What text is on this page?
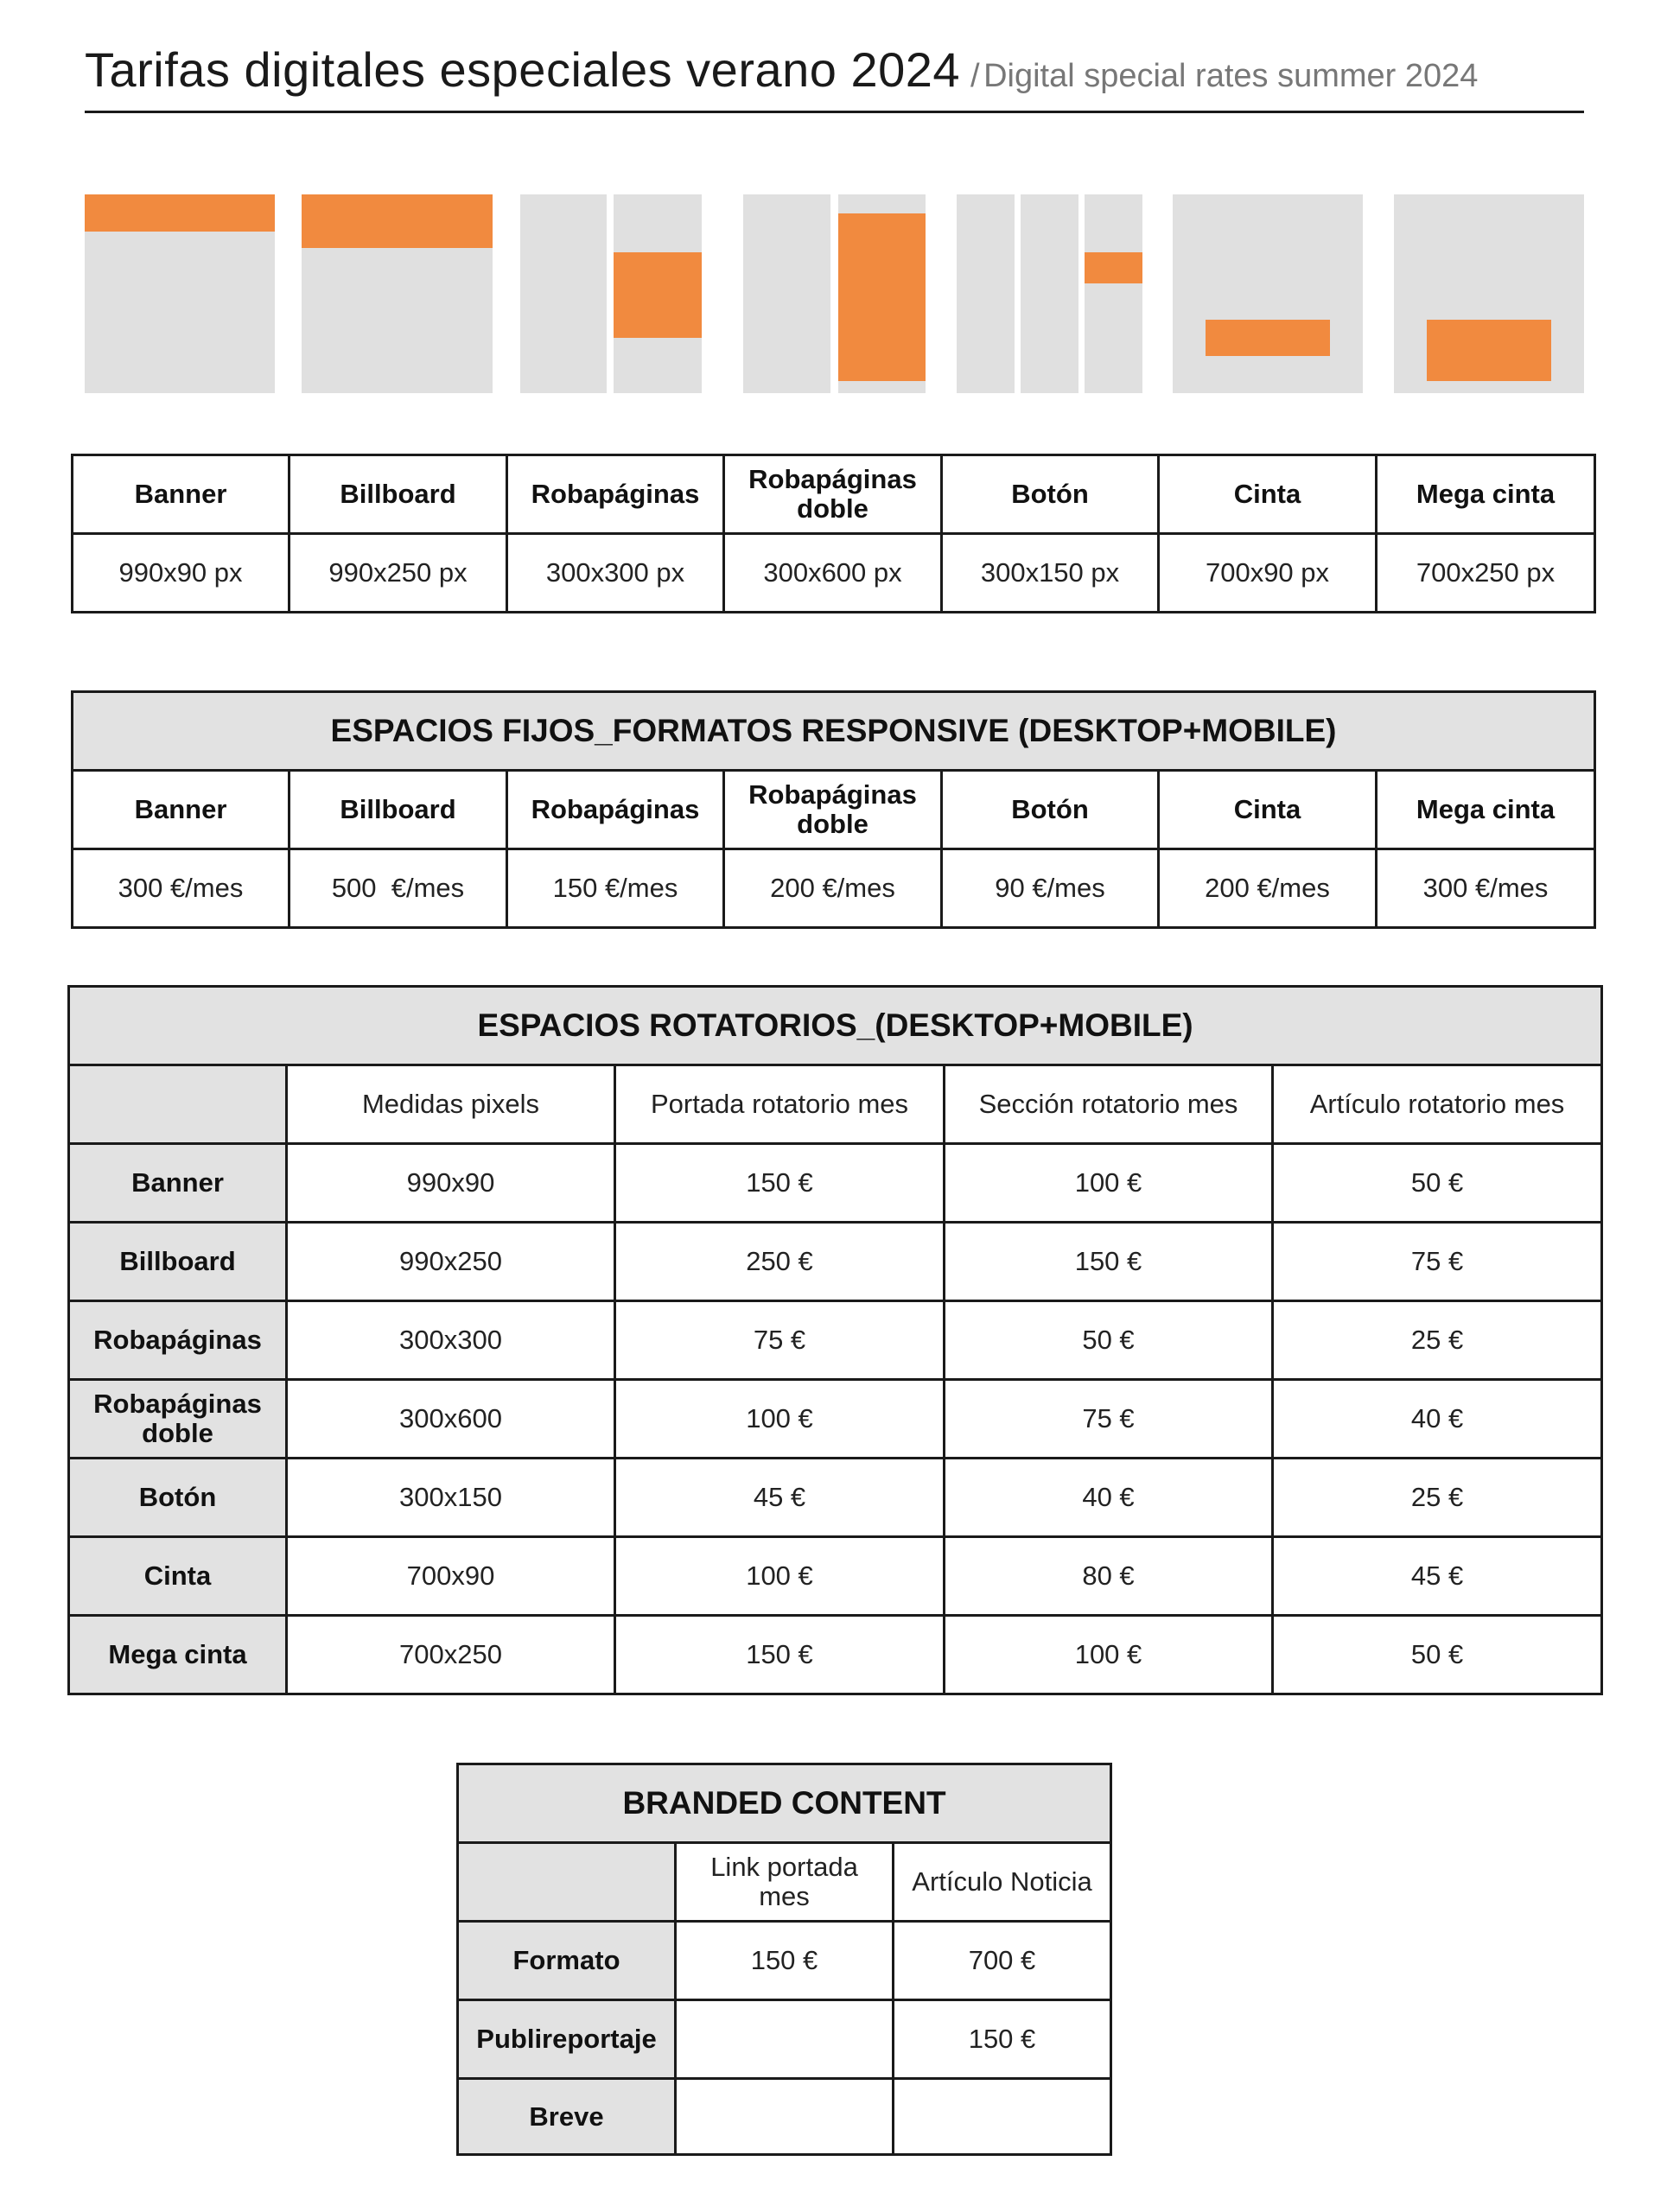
Tarifas digitales especiales verano 2024 / Digital special rates summer 2024
Banner	Billboard	Robapáginas	Robapáginas doble	Botón	Cinta	Mega cinta
990x90 px	990x250 px	300x300 px	300x600 px	300x150 px	700x90 px	700x250 px
ESPACIOS FIJOS_FORMATOS RESPONSIVE (DESKTOP+MOBILE)						
Banner	Billboard	Robapáginas	Robapáginas doble	Botón	Cinta	Mega cinta
300 €/mes	500  €/mes	150 €/mes	200 €/mes	90 €/mes	200 €/mes	300 €/mes
ESPACIOS ROTATORIOS_(DESKTOP+MOBILE)				
	Medidas pixels	Portada rotatorio mes	Sección rotatorio mes	Artículo rotatorio mes
Banner	990x90	150 €	100 €	50 €
Billboard	990x250	250 €	150 €	75 €
Robapáginas	300x300	75 €	50 €	25 €
Robapáginas doble	300x600	100 €	75 €	40 €
Botón	300x150	45 €	40 €	25 €
Cinta	700x90	100 €	80 €	45 €
Mega cinta	700x250	150 €	100 €	50 €
BRANDED CONTENT		
	Link portada mes	Artículo Noticia
Formato	150 €	700 €
Publireportaje		150 €
Breve		
